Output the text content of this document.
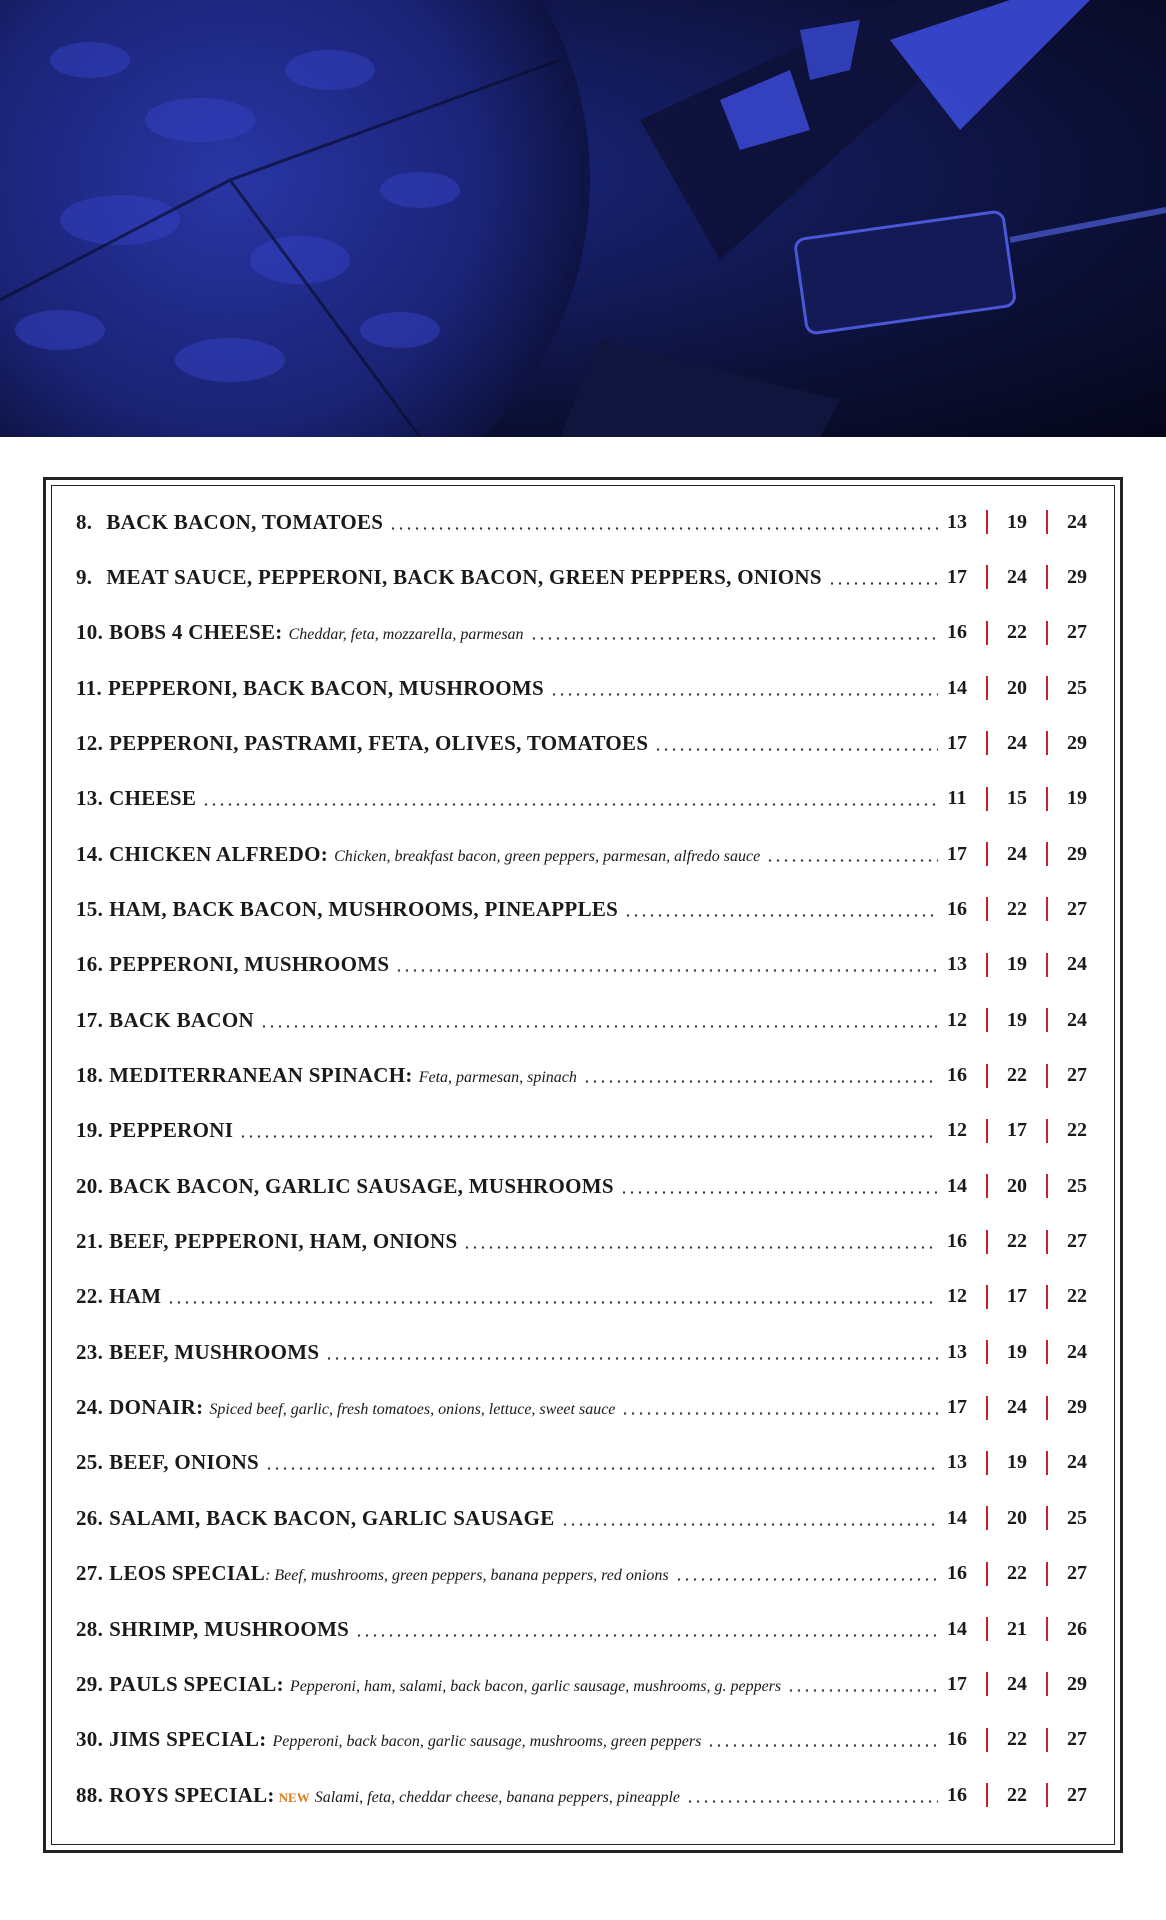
8. BACK BACON, TOMATOES	13 19 24
9. MEAT SAUCE, PEPPERONI, BACK BACON, GREEN PEPPERS, ONIONS	17 24 29
10. BOBS 4 CHEESE: Cheddar, feta, mozzarella, parmesan	16 22 27
11. PEPPERONI, BACK BACON, MUSHROOMS	14 20 25
12. PEPPERONI, PASTRAMI, FETA, OLIVES, TOMATOES	17 24 29
13. CHEESE	11 15 19
14. CHICKEN ALFREDO: Chicken, breakfast bacon, green peppers, parmesan, alfredo sauce	17 24 29
15. HAM, BACK BACON, MUSHROOMS, PINEAPPLES	16 22 27
16. PEPPERONI, MUSHROOMS	13 19 24
17. BACK BACON	12 19 24
18. MEDITERRANEAN SPINACH: Feta, parmesan, spinach	16 22 27
19. PEPPERONI	12 17 22
20. BACK BACON, GARLIC SAUSAGE, MUSHROOMS	14 20 25
21. BEEF, PEPPERONI, HAM, ONIONS	16 22 27
22. HAM	12 17 22
23. BEEF, MUSHROOMS	13 19 24
24. DONAIR: Spiced beef, garlic, fresh tomatoes, onions, lettuce, sweet sauce	17 24 29
25. BEEF, ONIONS	13 19 24
26. SALAMI, BACK BACON, GARLIC SAUSAGE	14 20 25
27. LEOS SPECIAL : Beef, mushrooms, green peppers, banana peppers, red onions	16 22 27
28. SHRIMP, MUSHROOMS	14 21 26
29. PAULS SPECIAL: Pepperoni, ham, salami, back bacon, garlic sausage, mushrooms, g. peppers	17 24 29
30. JIMS SPECIAL: Pepperoni, back bacon, garlic sausage, mushrooms, green peppers	16 22 27
88. ROYS SPECIAL: NEW Salami, feta, cheddar cheese, banana peppers, pineapple	16 22 27
